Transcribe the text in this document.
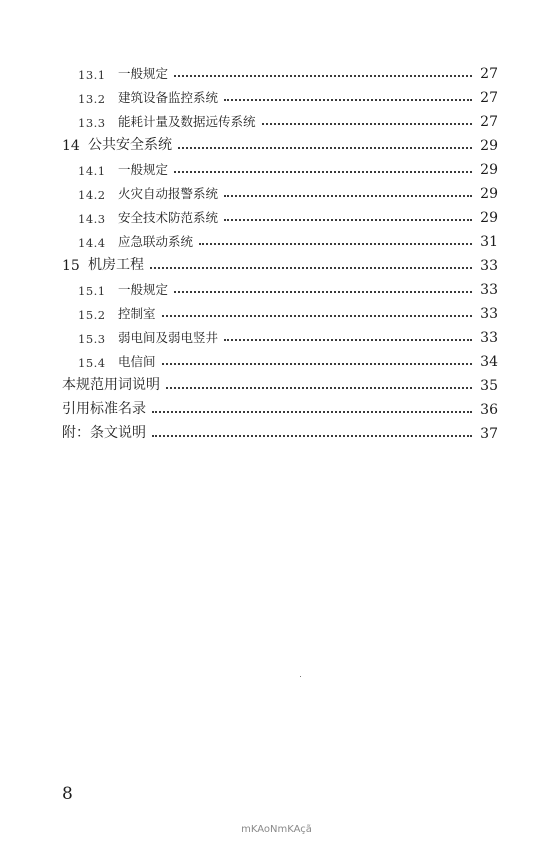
13.1 一般规定	27
13.2 建筑设备监控系统	27
13.3 能耗计量及数据远传系统	27
14 公共安全系统	29
14.1 一般规定	29
14.2 火灾自动报警系统	29
14.3 安全技术防范系统	29
14.4 应急联动系统	31
15 机房工程	33
15.1 一般规定	33
15.2 控制室	33
15.3 弱电间及弱电竖井	33
15.4 电信间	34
本规范用词说明	35
引用标准名录	36
附：条文说明	37
8
mKAoNmKAçã
